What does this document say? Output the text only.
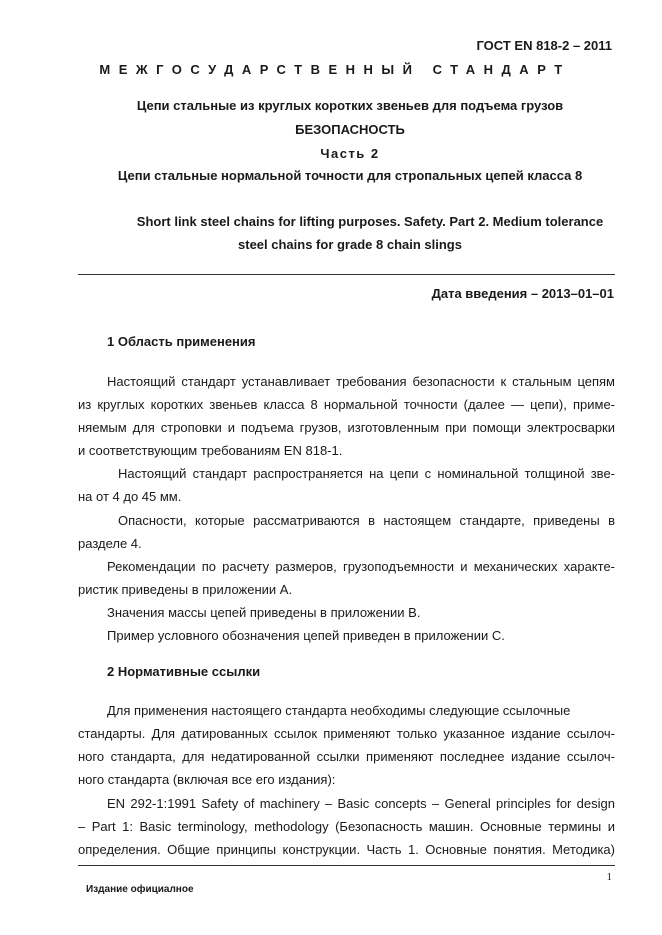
ГОСТ EN 818-2 – 2011
МЕЖГОСУДАРСТВЕННЫЙ СТАНДАРТ
Цепи стальные из круглых коротких звеньев для подъема грузов
БЕЗОПАСНОСТЬ
Часть 2
Цепи стальные нормальной точности для стропальных цепей класса 8
Short link steel chains for lifting purposes. Safety. Part 2. Medium tolerance
steel chains for grade 8 chain slings
Дата введения – 2013–01–01
1 Область применения
Настоящий стандарт устанавливает требования безопасности к стальным цепям
из круглых коротких звеньев класса 8 нормальной точности (далее — цепи), приме-
няемым для строповки и подъема грузов, изготовленным при помощи электросварки
и соответствующим требованиям EN 818-1.
Настоящий стандарт распространяется на цепи с номинальной толщиной зве-
на от 4 до 45 мм.
Опасности, которые рассматриваются в настоящем стандарте, приведены в
разделе 4.
Рекомендации по расчету размеров, грузоподъемности и механических характе-
ристик приведены в приложении А.
Значения массы цепей приведены в приложении В.
Пример условного обозначения цепей приведен в приложении С.
2 Нормативные ссылки
Для применения настоящего стандарта необходимы следующие ссылочные
стандарты. Для датированных ссылок применяют только указанное издание ссылоч-
ного стандарта, для недатированной ссылки применяют последнее издание ссылоч-
ного стандарта (включая все его издания):
EN 292-1:1991 Safety of machinery – Basic concepts – General principles for design
– Part 1: Basic terminology, methodology (Безопасность машин. Основные термины и
определения. Общие принципы конструкции. Часть 1. Основные понятия. Методика)
1
Издание официалное
